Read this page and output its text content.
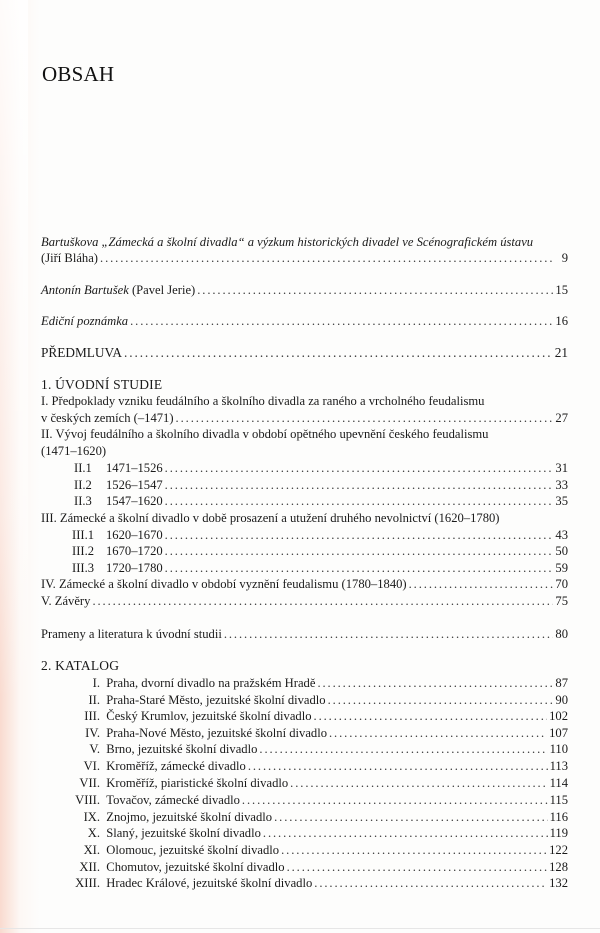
OBSAH
Bartuškova „Zámecká a školní divadla“ a výzkum historických divadel ve Scénografickém ústavu
(Jiří Bláha) .....	9
Antonín Bartušek (Pavel Jerie) .....	15
Ediční poznámka .....	16
PŘEDMLUVA .....	21
1. ÚVODNÍ STUDIE
I. Předpoklady vzniku feudálního a školního divadla za raného a vrcholného feudalismu
v českých zemích (–1471) .....	27
II. Vývoj feudálního a školního divadla v období opětného upevnění českého feudalismu
(1471–1620)
II.1 1471–1526 .....	31
II.2 1526–1547 .....	33
II.3 1547–1620 .....	35
III. Zámecké a školní divadlo v době prosazení a utužení druhého nevolnictví (1620–1780)
III.1 1620–1670 .....	43
III.2 1670–1720 .....	50
III.3 1720–1780 .....	59
IV. Zámecké a školní divadlo v období vyznění feudalismu (1780–1840) .....	70
V. Závěry .....	75
Prameny a literatura k úvodní studii .....	80
2. KATALOG
I. Praha, dvorní divadlo na pražském Hradě .....	87
II. Praha-Staré Město, jezuitské školní divadlo .....	90
III. Český Krumlov, jezuitské školní divadlo .....	102
IV. Praha-Nové Město, jezuitské školní divadlo .....	107
V. Brno, jezuitské školní divadlo .....	110
VI. Kroměříž, zámecké divadlo .....	113
VII. Kroměříž, piaristické školní divadlo .....	114
VIII. Tovačov, zámecké divadlo .....	115
IX. Znojmo, jezuitské školní divadlo .....	116
X. Slaný, jezuitské školní divadlo .....	119
XI. Olomouc, jezuitské školní divadlo .....	122
XII. Chomutov, jezuitské školní divadlo .....	128
XIII. Hradec Králové, jezuitské školní divadlo .....	132
